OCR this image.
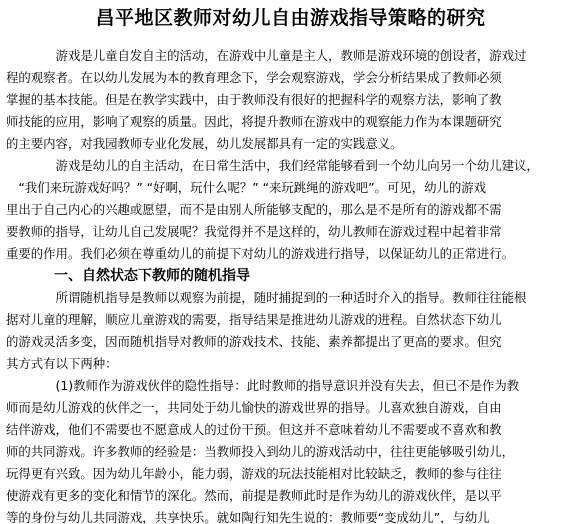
昌平地区教师对幼儿自由游戏指导策略的研究
　　　　游戏是儿童自发自主的活动，在游戏中儿童是主人，教师是游戏环境的创设者，游戏过
程的观察者。在以幼儿发展为本的教育理念下，学会观察游戏，学会分析结果成了教师必须
掌握的基本技能。但是在教学实践中，由于教师没有很好的把握科学的观察方法，影响了教
师技能的应用，影响了观察的质量。因此，将提升教师在游戏中的观察能力作为本课题研究
的主要内容，对我园教师专业化发展，幼儿发展都具有一定的实践意义。
　　　　游戏是幼儿的自主活动，在日常生活中，我们经常能够看到一个幼儿向另一个幼儿建议，
　“我们来玩游戏好吗？” “好啊，玩什么呢？” “来玩跳绳的游戏吧”。可见，幼儿的游戏
里出于自己内心的兴趣或愿望，而不是由别人所能够支配的，那么是不是所有的游戏都不需
要教师的指导，让幼儿自己发展呢？我觉得并不是这样的，幼儿教师在游戏过程中起着非常
重要的作用。我们必须在尊重幼儿的前提下对幼儿的游戏进行指导，以保证幼儿的正常进行。
一、自然状态下教师的随机指导
　　　　所谓随机指导是教师以观察为前提，随时捕捉到的一种适时介入的指导。教师往往能根
据对儿童的理解，顺应儿童游戏的需要，指导结果是推进幼儿游戏的进程。自然状态下幼儿
的游戏灵活多变，因而随机指导对教师的游戏技术、技能、素养都提出了更高的要求。但究
其方式有以下两种：
　　　　(1)教师作为游戏伙伴的隐性指导：此时教师的指导意识并没有失去，但已不是作为教
师而是幼儿游戏的伙伴之一，共同处于幼儿愉快的游戏世界的指导。儿喜欢独自游戏，自由
结伴游戏，他们不需要也不愿意成人的过份干预。但这并不意味着幼儿不需要或不喜欢和教
师的共同游戏。许多教师的经验是：当教师投入到幼儿的游戏活动中，往往更能够吸引幼儿，
玩得更有兴致。因为幼儿年龄小，能力弱，游戏的玩法技能相对比较缺乏，教师的参与往往
使游戏有更多的变化和情节的深化。然而，前提是教师此时是作为幼儿的游戏伙伴，是以平
等的身份与幼儿共同游戏，共享快乐。就如陶行知先生说的：教师要“变成幼儿”，与幼儿
